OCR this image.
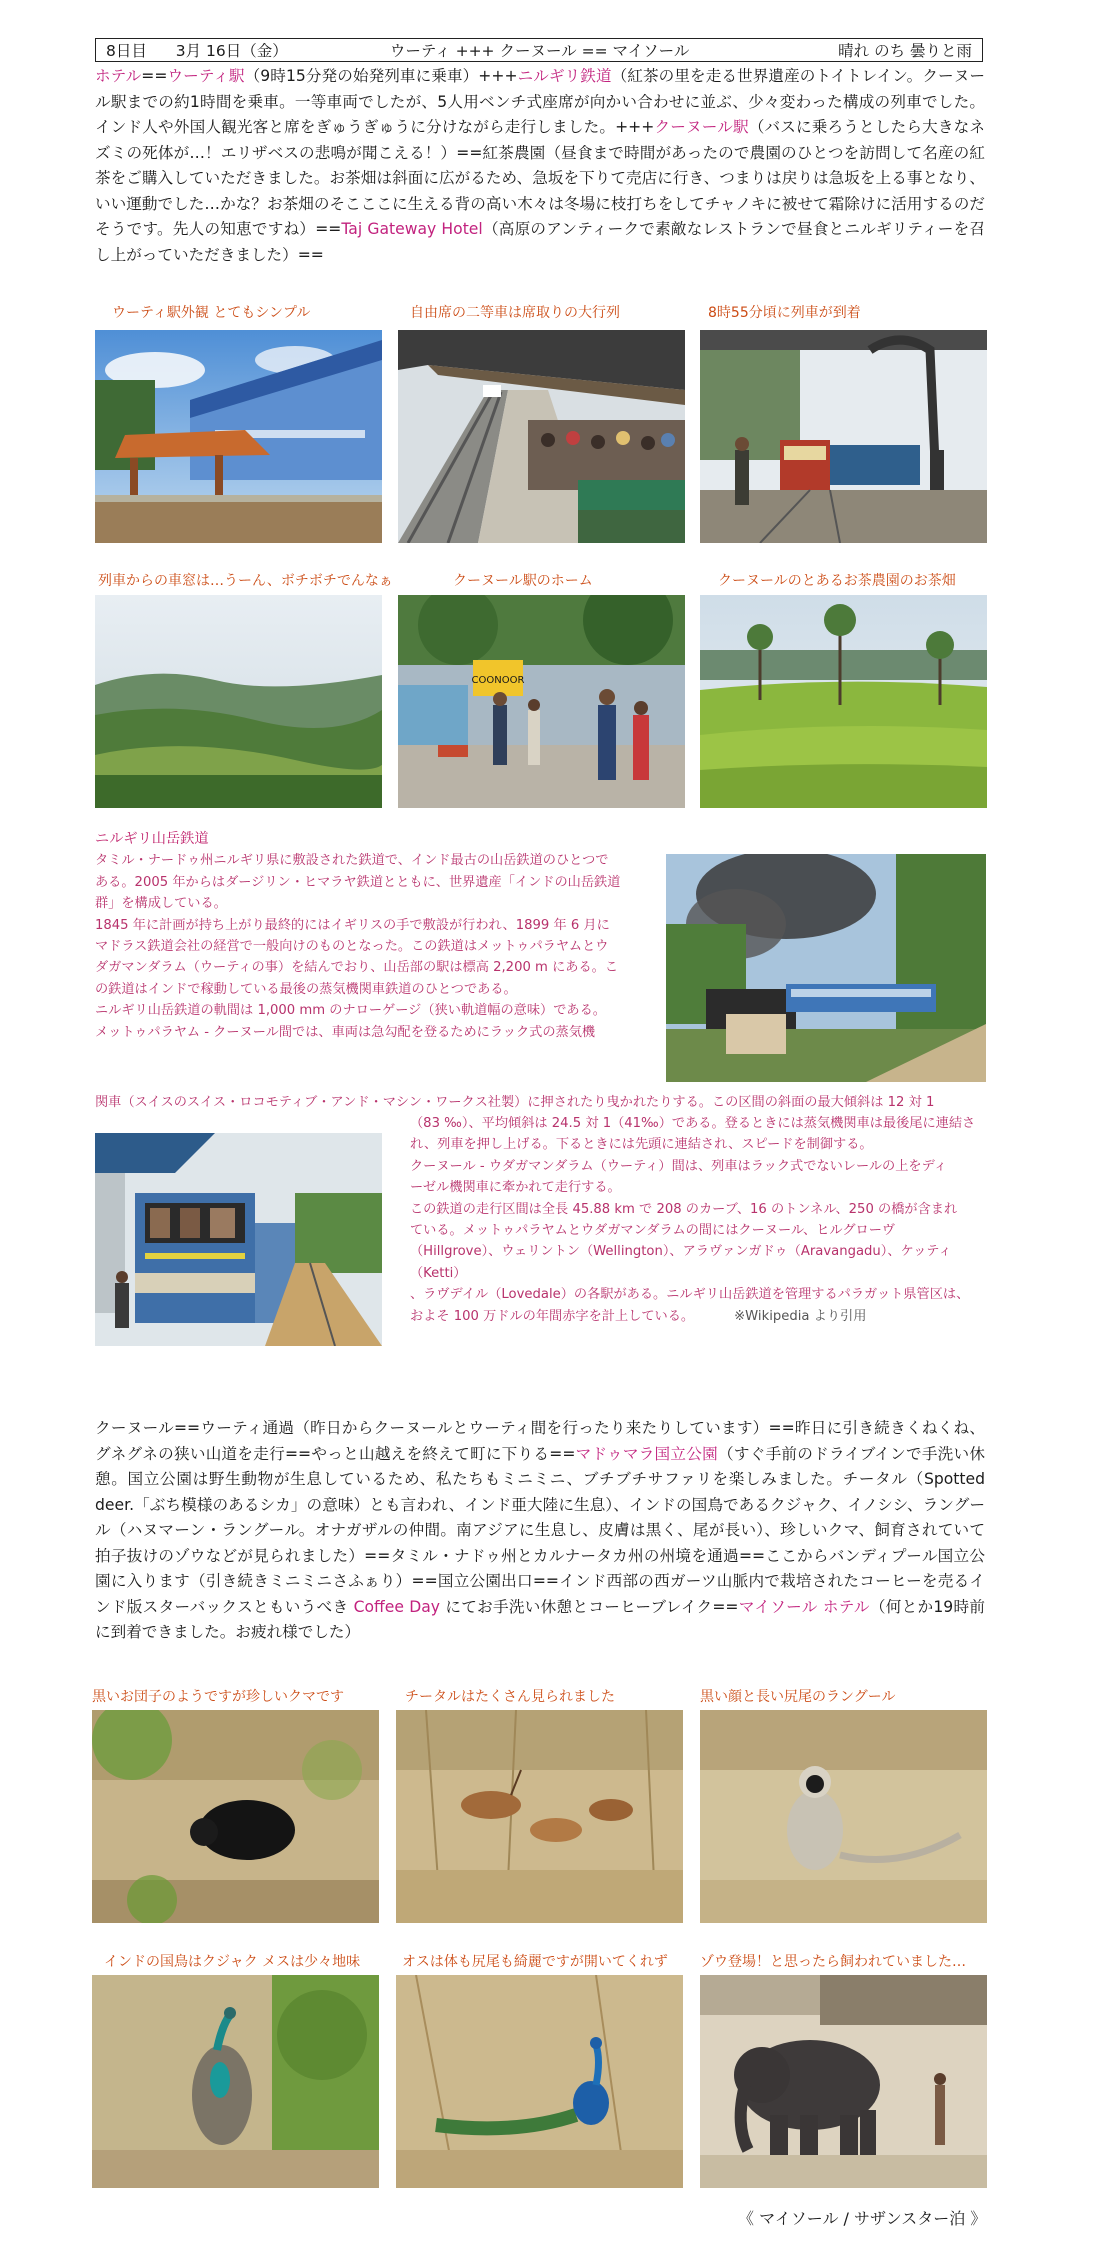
8日目	3月 16日（金）	ウーティ +++ クーヌール == マイソール	晴れ のち 曇りと雨

ホテル==ウーティ駅（9時15分発の始発列車に乗車）+++ニルギリ鉄道（紅茶の里を走る世界遺産のトイトレイン。クーヌール駅までの約1時間を乗車。一等車両でしたが、5人用ベンチ式座席が向かい合わせに並ぶ、少々変わった構成の列車でした。インド人や外国人観光客と席をぎゅうぎゅうに分けながら走行しました。+++クーヌール駅（バスに乗ろうとしたら大きなネズミの死体が…！エリザベスの悲鳴が聞こえる！）==紅茶農園（昼食まで時間があったので農園のひとつを訪問して名産の紅茶をご購入していただきました。お茶畑は斜面に広がるため、急坂を下りて売店に行き、つまりは戻りは急坂を上る事となり、いい運動でした…かな？お茶畑のそこここに生える背の高い木々は冬場に枝打ちをしてチャノキに被せて霜除けに活用するのだそうです。先人の知恵ですね）==Taj Gateway Hotel（高原のアンティークで素敵なレストランで昼食とニルギリティーを召し上がっていただきました）==

ウーティ駅外観 とてもシンプル	自由席の二等車は席取りの大行列	8時55分頃に列車が到着
列車からの車窓は…うーん、ボチボチでんなぁ	クーヌール駅のホーム	クーヌールのとあるお茶農園のお茶畑
COONOOR
ニルギリ山岳鉄道
タミル・ナードゥ州ニルギリ県に敷設された鉄道で、インド最古の山岳鉄道のひとつで
ある。2005 年からはダージリン・ヒマラヤ鉄道とともに、世界遺産「インドの山岳鉄道
群」を構成している。
1845 年に計画が持ち上がり最終的にはイギリスの手で敷設が行われ、1899 年 6 月に
マドラス鉄道会社の経営で一般向けのものとなった。この鉄道はメットゥパラヤムとウ
ダガマンダラム（ウーティの事）を結んでおり、山岳部の駅は標高 2,200 m にある。こ
の鉄道はインドで稼動している最後の蒸気機関車鉄道のひとつである。
ニルギリ山岳鉄道の軌間は 1,000 mm のナローゲージ（狭い軌道幅の意味）である。
メットゥパラヤム - クーヌール間では、車両は急勾配を登るためにラック式の蒸気機
関車（スイスのスイス・ロコモティブ・アンド・マシン・ワークス社製）に押されたり曳かれたりする。この区間の斜面の最大傾斜は 12 対 1
（83 ‰）、平均傾斜は 24.5 対 1（41‰）である。登るときには蒸気機関車は最後尾に連結さ
れ、列車を押し上げる。下るときには先頭に連結され、スピードを制御する。
クーヌール - ウダガマンダラム（ウーティ）間は、列車はラック式でないレールの上をディ
ーゼル機関車に牽かれて走行する。
この鉄道の走行区間は全長 45.88 km で 208 のカーブ、16 のトンネル、250 の橋が含まれ
ている。メットゥパラヤムとウダガマンダラムの間にはクーヌール、ヒルグローヴ
（Hillgrove）、ウェリントン（Wellington）、アラヴァンガドゥ（Aravangadu）、ケッティ（Ketti）
、ラヴデイル（Lovedale）の各駅がある。ニルギリ山岳鉄道を管理するパラガット県管区は、
およそ 100 万ドルの年間赤字を計上している。	※Wikipedia より引用

クーヌール==ウーティ通過（昨日からクーヌールとウーティ間を行ったり来たりしています）==昨日に引き続きくねくね、グネグネの狭い山道を走行==やっと山越えを終えて町に下りる==マドゥマラ国立公園（すぐ手前のドライブインで手洗い休憩。国立公園は野生動物が生息しているため、私たちもミニミニ、ブチブチサファリを楽しみました。チータル（Spotted deer.「ぶち模様のあるシカ」の意味）とも言われ、インド亜大陸に生息）、インドの国鳥であるクジャク、イノシシ、ラングール（ハヌマーン・ラングール。オナガザルの仲間。南アジアに生息し、皮膚は黒く、尾が長い）、珍しいクマ、飼育されていて拍子抜けのゾウなどが見られました）==タミル・ナドゥ州とカルナータカ州の州境を通過==ここからバンディプール国立公園に入ります（引き続きミニミニさふぁり）==国立公園出口==インド西部の西ガーツ山脈内で栽培されたコーヒーを売るインド版スターバックスともいうべき Coffee Day にてお手洗い休憩とコーヒーブレイク==マイソール ホテル（何とか19時前に到着できました。お疲れ様でした）

黒いお団子のようですが珍しいクマです	チータルはたくさん見られました	黒い顔と長い尻尾のラングール
インドの国鳥はクジャク メスは少々地味	オスは体も尻尾も綺麗ですが開いてくれず ゾウ登場！と思ったら飼われていました…
《 マイソール / サザンスター泊 》
